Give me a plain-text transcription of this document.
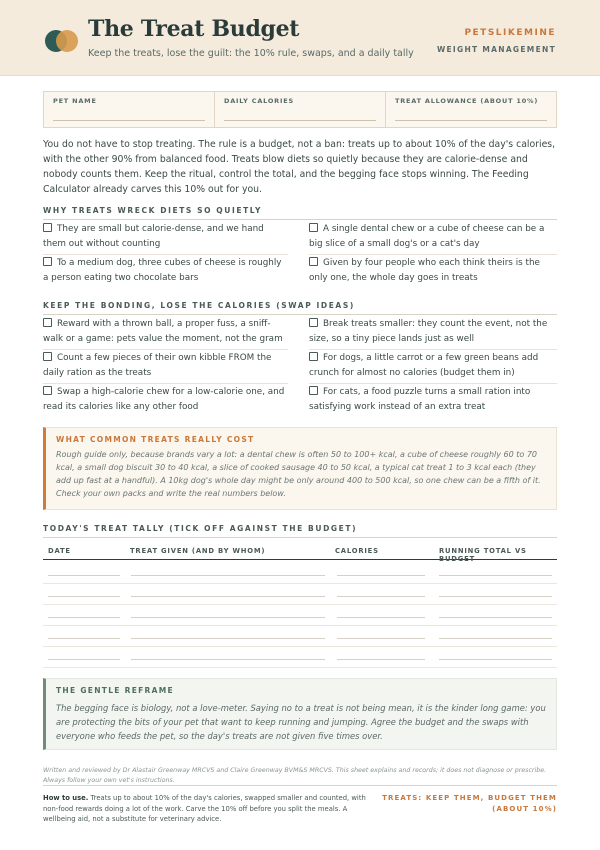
The Treat Budget
Keep the treats, lose the guilt: the 10% rule, swaps, and a daily tally
PETSLIKEMINE
WEIGHT MANAGEMENT
PET NAME	DAILY CALORIES	TREAT ALLOWANCE (ABOUT 10%)
You do not have to stop treating. The rule is a budget, not a ban: treats up to about 10% of the day's calories, with the other 90% from balanced food. Treats blow diets so quietly because they are calorie-dense and nobody counts them. Keep the ritual, control the total, and the begging face stops winning. The Feeding Calculator already carves this 10% out for you.
WHY TREATS WRECK DIETS SO QUIETLY
They are small but calorie-dense, and we hand them out without counting
A single dental chew or a cube of cheese can be a big slice of a small dog's or a cat's day
To a medium dog, three cubes of cheese is roughly a person eating two chocolate bars
Given by four people who each think theirs is the only one, the whole day goes in treats
KEEP THE BONDING, LOSE THE CALORIES (SWAP IDEAS)
Reward with a thrown ball, a proper fuss, a sniff-walk or a game: pets value the moment, not the gram
Break treats smaller: they count the event, not the size, so a tiny piece lands just as well
Count a few pieces of their own kibble FROM the daily ration as the treats
For dogs, a little carrot or a few green beans add crunch for almost no calories (budget them in)
Swap a high-calorie chew for a low-calorie one, and read its calories like any other food
For cats, a food puzzle turns a small ration into satisfying work instead of an extra treat
WHAT COMMON TREATS REALLY COST
Rough guide only, because brands vary a lot: a dental chew is often 50 to 100+ kcal, a cube of cheese roughly 60 to 70 kcal, a small dog biscuit 30 to 40 kcal, a slice of cooked sausage 40 to 50 kcal, a typical cat treat 1 to 3 kcal each (they add up fast at a handful). A 10kg dog's whole day might be only around 400 to 500 kcal, so one chew can be a fifth of it. Check your own packs and write the real numbers below.
TODAY'S TREAT TALLY (TICK OFF AGAINST THE BUDGET)
DATE	TREAT GIVEN (AND BY WHOM)	CALORIES	RUNNING TOTAL VS BUDGET
THE GENTLE REFRAME
The begging face is biology, not a love-meter. Saying no to a treat is not being mean, it is the kinder long game: you are protecting the bits of your pet that want to keep running and jumping. Agree the budget and the swaps with everyone who feeds the pet, so the day's treats are not given five times over.
Written and reviewed by Dr Alastair Greenway MRCVS and Claire Greenway BVM&S MRCVS. This sheet explains and records; it does not diagnose or prescribe. Always follow your own vet's instructions.
How to use. Treats up to about 10% of the day's calories, swapped smaller and counted, with non-food rewards doing a lot of the work. Carve the 10% off before you split the meals. A wellbeing aid, not a substitute for veterinary advice.
TREATS: KEEP THEM, BUDGET THEM
(ABOUT 10%)
